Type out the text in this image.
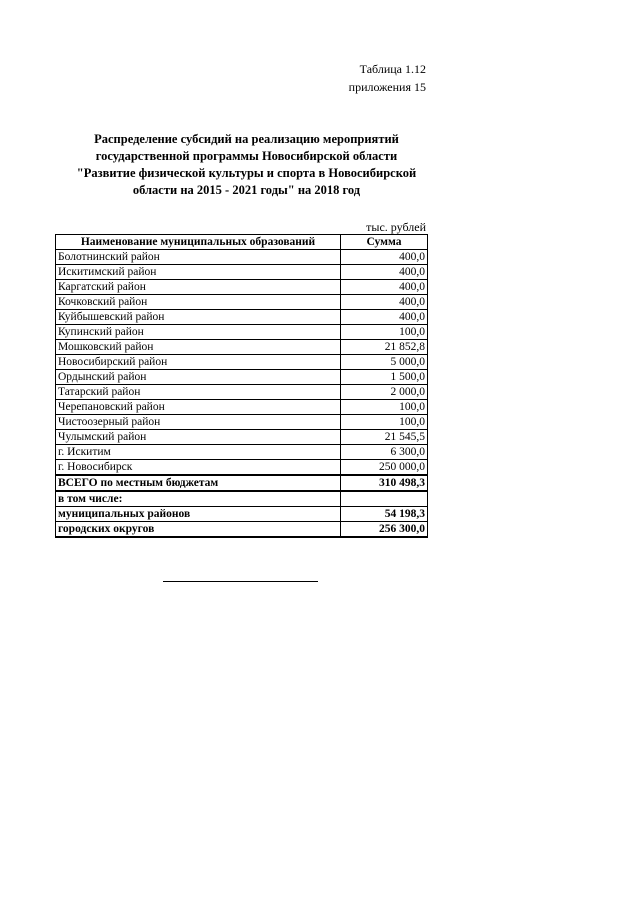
Таблица 1.12
приложения 15
Распределение субсидий на реализацию мероприятий
государственной программы Новосибирской области
"Развитие физической культуры и спорта в Новосибирской
области на 2015 - 2021 годы" на 2018 год
тыс. рублей
Наименование муниципальных образований	Сумма
Болотнинский район	400,0
Искитимский район	400,0
Каргатский район	400,0
Кочковский район	400,0
Куйбышевский район	400,0
Купинский район	100,0
Мошковский район	21 852,8
Новосибирский район	5 000,0
Ордынский район	1 500,0
Татарский район	2 000,0
Черепановский район	100,0
Чистоозерный район	100,0
Чулымский район	21 545,5
г. Искитим	6 300,0
г. Новосибирск	250 000,0
ВСЕГО по местным бюджетам	310 498,3
в том числе:	
муниципальных районов	54 198,3
городских округов	256 300,0
